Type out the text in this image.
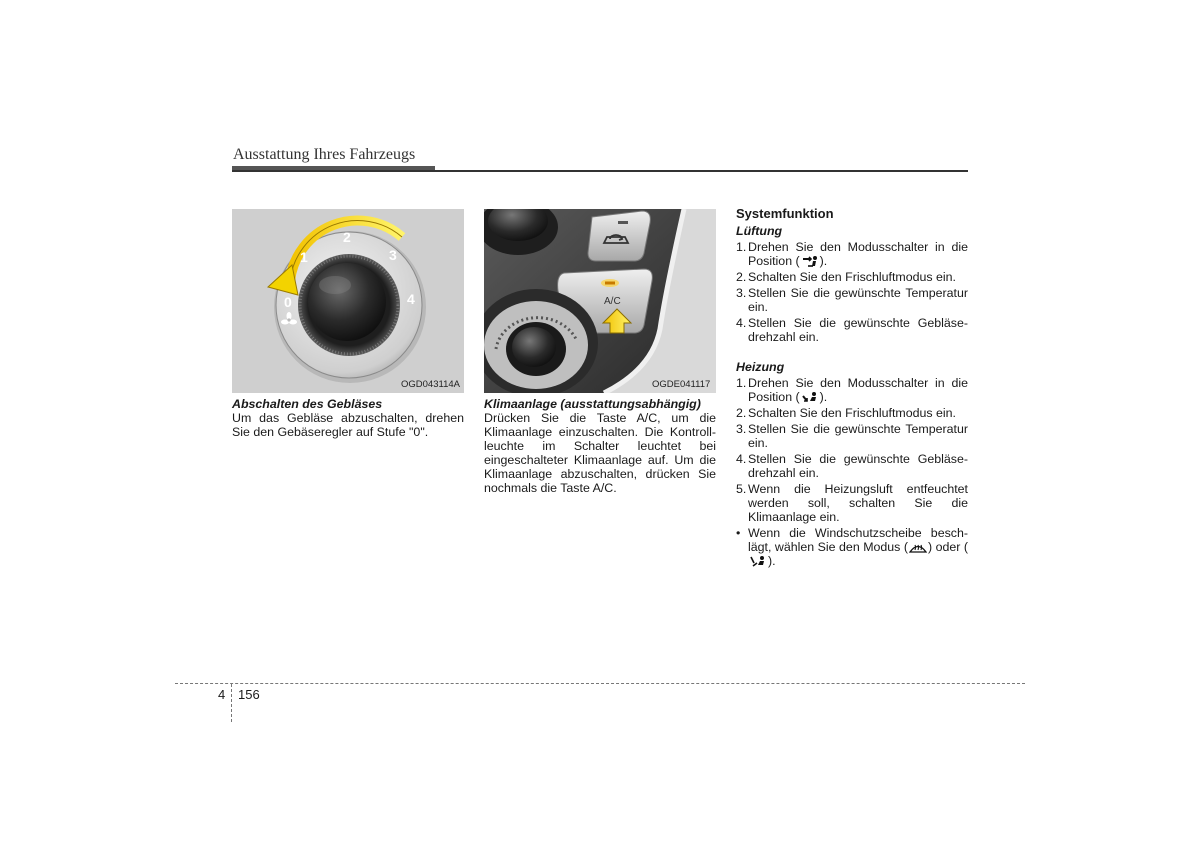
Ausstattung Ihres Fahrzeugs
0
1
2
3
4
OGD043114A
A/C
OGDE041117
Abschalten des Gebläses
Um das Gebläse abzuschalten, drehen Sie den Gebäseregler auf Stufe "0".
Klimaanlage (ausstattungsabhängig)
Drücken Sie die Taste A/C, um die Klimaanlage einzuschalten. Die Kontroll-leuchte im Schalter leuchtet bei eingeschalteter Klimaanlage auf. Um die Klimaanlage abzuschalten, drücken Sie nochmals die Taste A/C.
Systemfunktion
Lüftung
1. Drehen Sie den Modusschalter in die Position ( ).
2. Schalten Sie den Frischluftmodus ein.
3. Stellen Sie die gewünschte Temperatur ein.
4. Stellen Sie die gewünschte Gebläse-drehzahl ein.
Heizung
1. Drehen Sie den Modusschalter in die Position ( ).
2. Schalten Sie den Frischluftmodus ein.
3. Stellen Sie die gewünschte Temperatur ein.
4. Stellen Sie die gewünschte Gebläse-drehzahl ein.
5. Wenn die Heizungsluft entfeuchtet werden soll, schalten Sie die Klimaanlage ein.
• Wenn die Windschutzscheibe besch-lägt, wählen Sie den Modus ( ) oder ().
4 156
